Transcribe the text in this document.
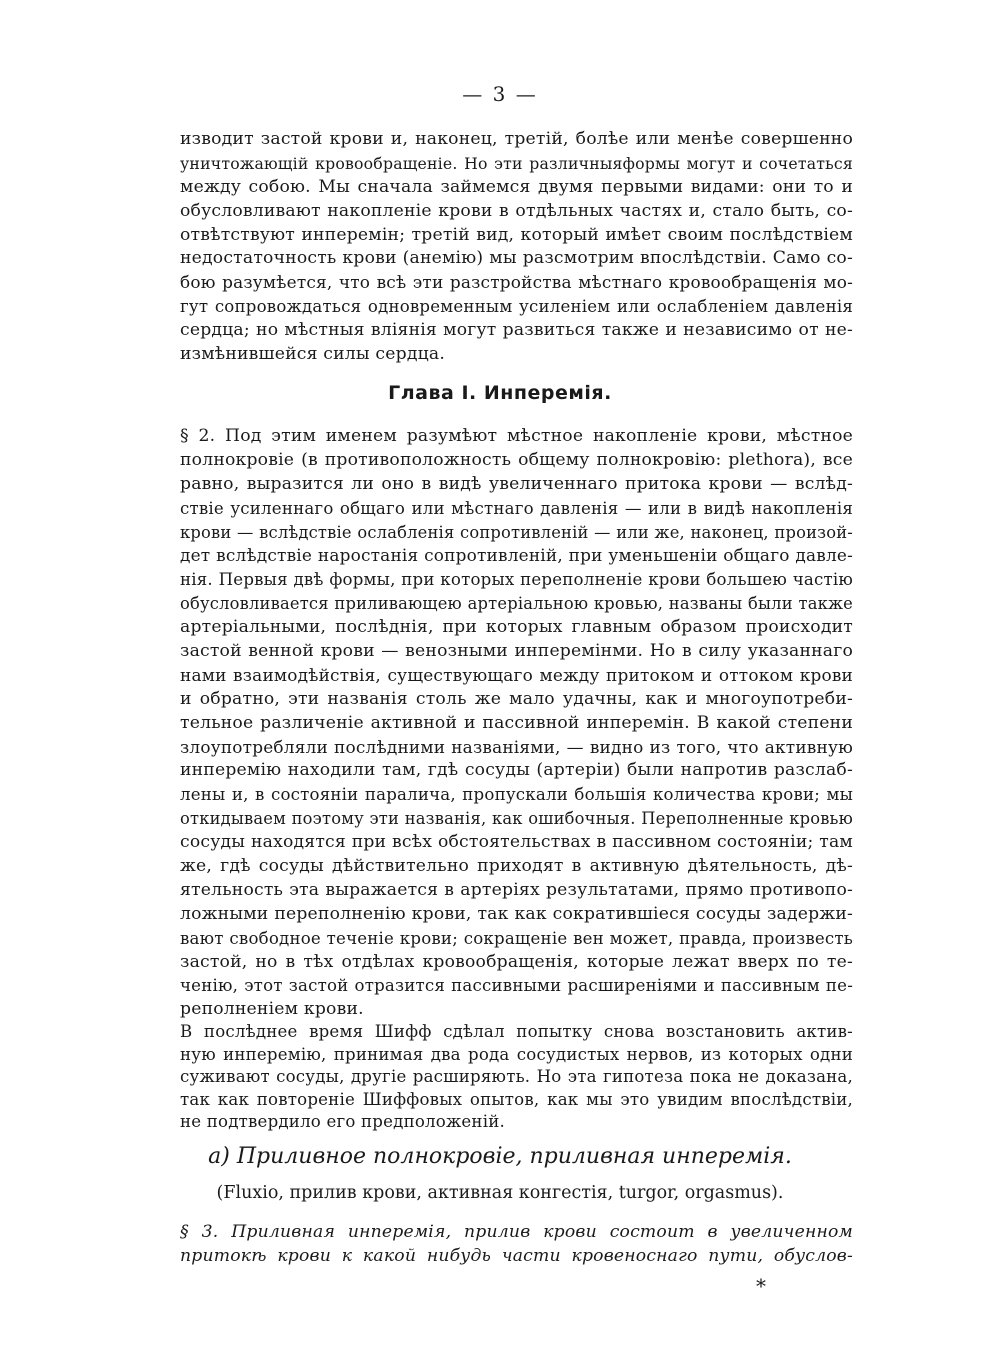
— 3 —
изводит застой крови и, наконец, третій, болѣе или менѣе совершенно
уничтожающій кровообращеніе. Но эти различныяформы могут и сочетаться
между собою. Мы сначала займемся двумя первыми видами: они то и
обусловливают накопленіе крови в отдѣльных частях и, стало быть, со-
отвѣтствуют инперемін; третій вид, который имѣет своим послѣдствіем
недостаточность крови (анемію) мы разсмотрим впослѣдствіи. Само со-
бою разумѣется, что всѣ эти разстройства мѣстнаго кровообращенія мо-
гут сопровождаться одновременным усиленіем или ослабленіем давленія
сердца; но мѣстныя вліянія могут развиться также и независимо от не-
измѣнившейся силы сердца.
Глава I. Инперемія.
§ 2. Под этим именем разумѣют мѣстное накопленіе крови, мѣстное
полнокровіе (в противоположность общему полнокровію: plethora), все
равно, выразится ли оно в видѣ увеличеннаго притока крови — вслѣд-
ствіе усиленнаго общаго или мѣстнаго давленія — или в видѣ накопленія
крови — вслѣдствіе ослабленія сопротивленій — или же, наконец, произой-
дет вслѣдствіе наростанія сопротивленій, при уменьшеніи общаго давле-
нія. Первыя двѣ формы, при которых переполненіе крови большею частію
обусловливается приливающею артеріальною кровью, названы были также
артеріальными, послѣднія, при которых главным образом происходит
застой венной крови — венозными инперемінми. Но в силу указаннаго
нами взаимодѣйствія, существующаго между притоком и оттоком крови
и обратно, эти названія столь же мало удачны, как и многоупотреби-
тельное различеніе активной и пассивной инперемін. В какой степени
злоупотребляли послѣдними названіями, — видно из того, что активную
инперемію находили там, гдѣ сосуды (артеріи) были напротив разслаб-
лены и, в состояніи паралича, пропускали большія количества крови; мы
откидываем поэтому эти названія, как ошибочныя. Переполненные кровью
сосуды находятся при всѣх обстоятельствах в пассивном состояніи; там
же, гдѣ сосуды дѣйствительно приходят в активную дѣятельность, дѣ-
ятельность эта выражается в артеріях результатами, прямо противопо-
ложными переполненію крови, так как сократившіеся сосуды задержи-
вают свободное теченіе крови; сокращеніе вен может, правда, произвесть
застой, но в тѣх отдѣлах кровообращенія, которые лежат вверх по те-
ченію, этот застой отразится пассивными расширеніями и пассивным пе-
реполненіем крови.
В послѣднее время Шифф сдѣлал попытку снова возстановить актив-
ную инперемію, принимая два рода сосудистых нервов, из которых одни
суживают сосуды, другіе расширяють. Но эта гипотеза пока не доказана,
так как повтореніе Шиффовых опытов, как мы это увидим впослѣдствіи,
не подтвердило его предположеній.
а) Приливное полнокровіе, приливная инперемія.
(Fluxio, прилив крови, активная конгестія, turgor, orgasmus).
§ 3. Приливная инперемія, прилив крови состоит в увеличенном
притокѣ крови к какой нибудь части кровеноснаго пути, обуслов-
*
